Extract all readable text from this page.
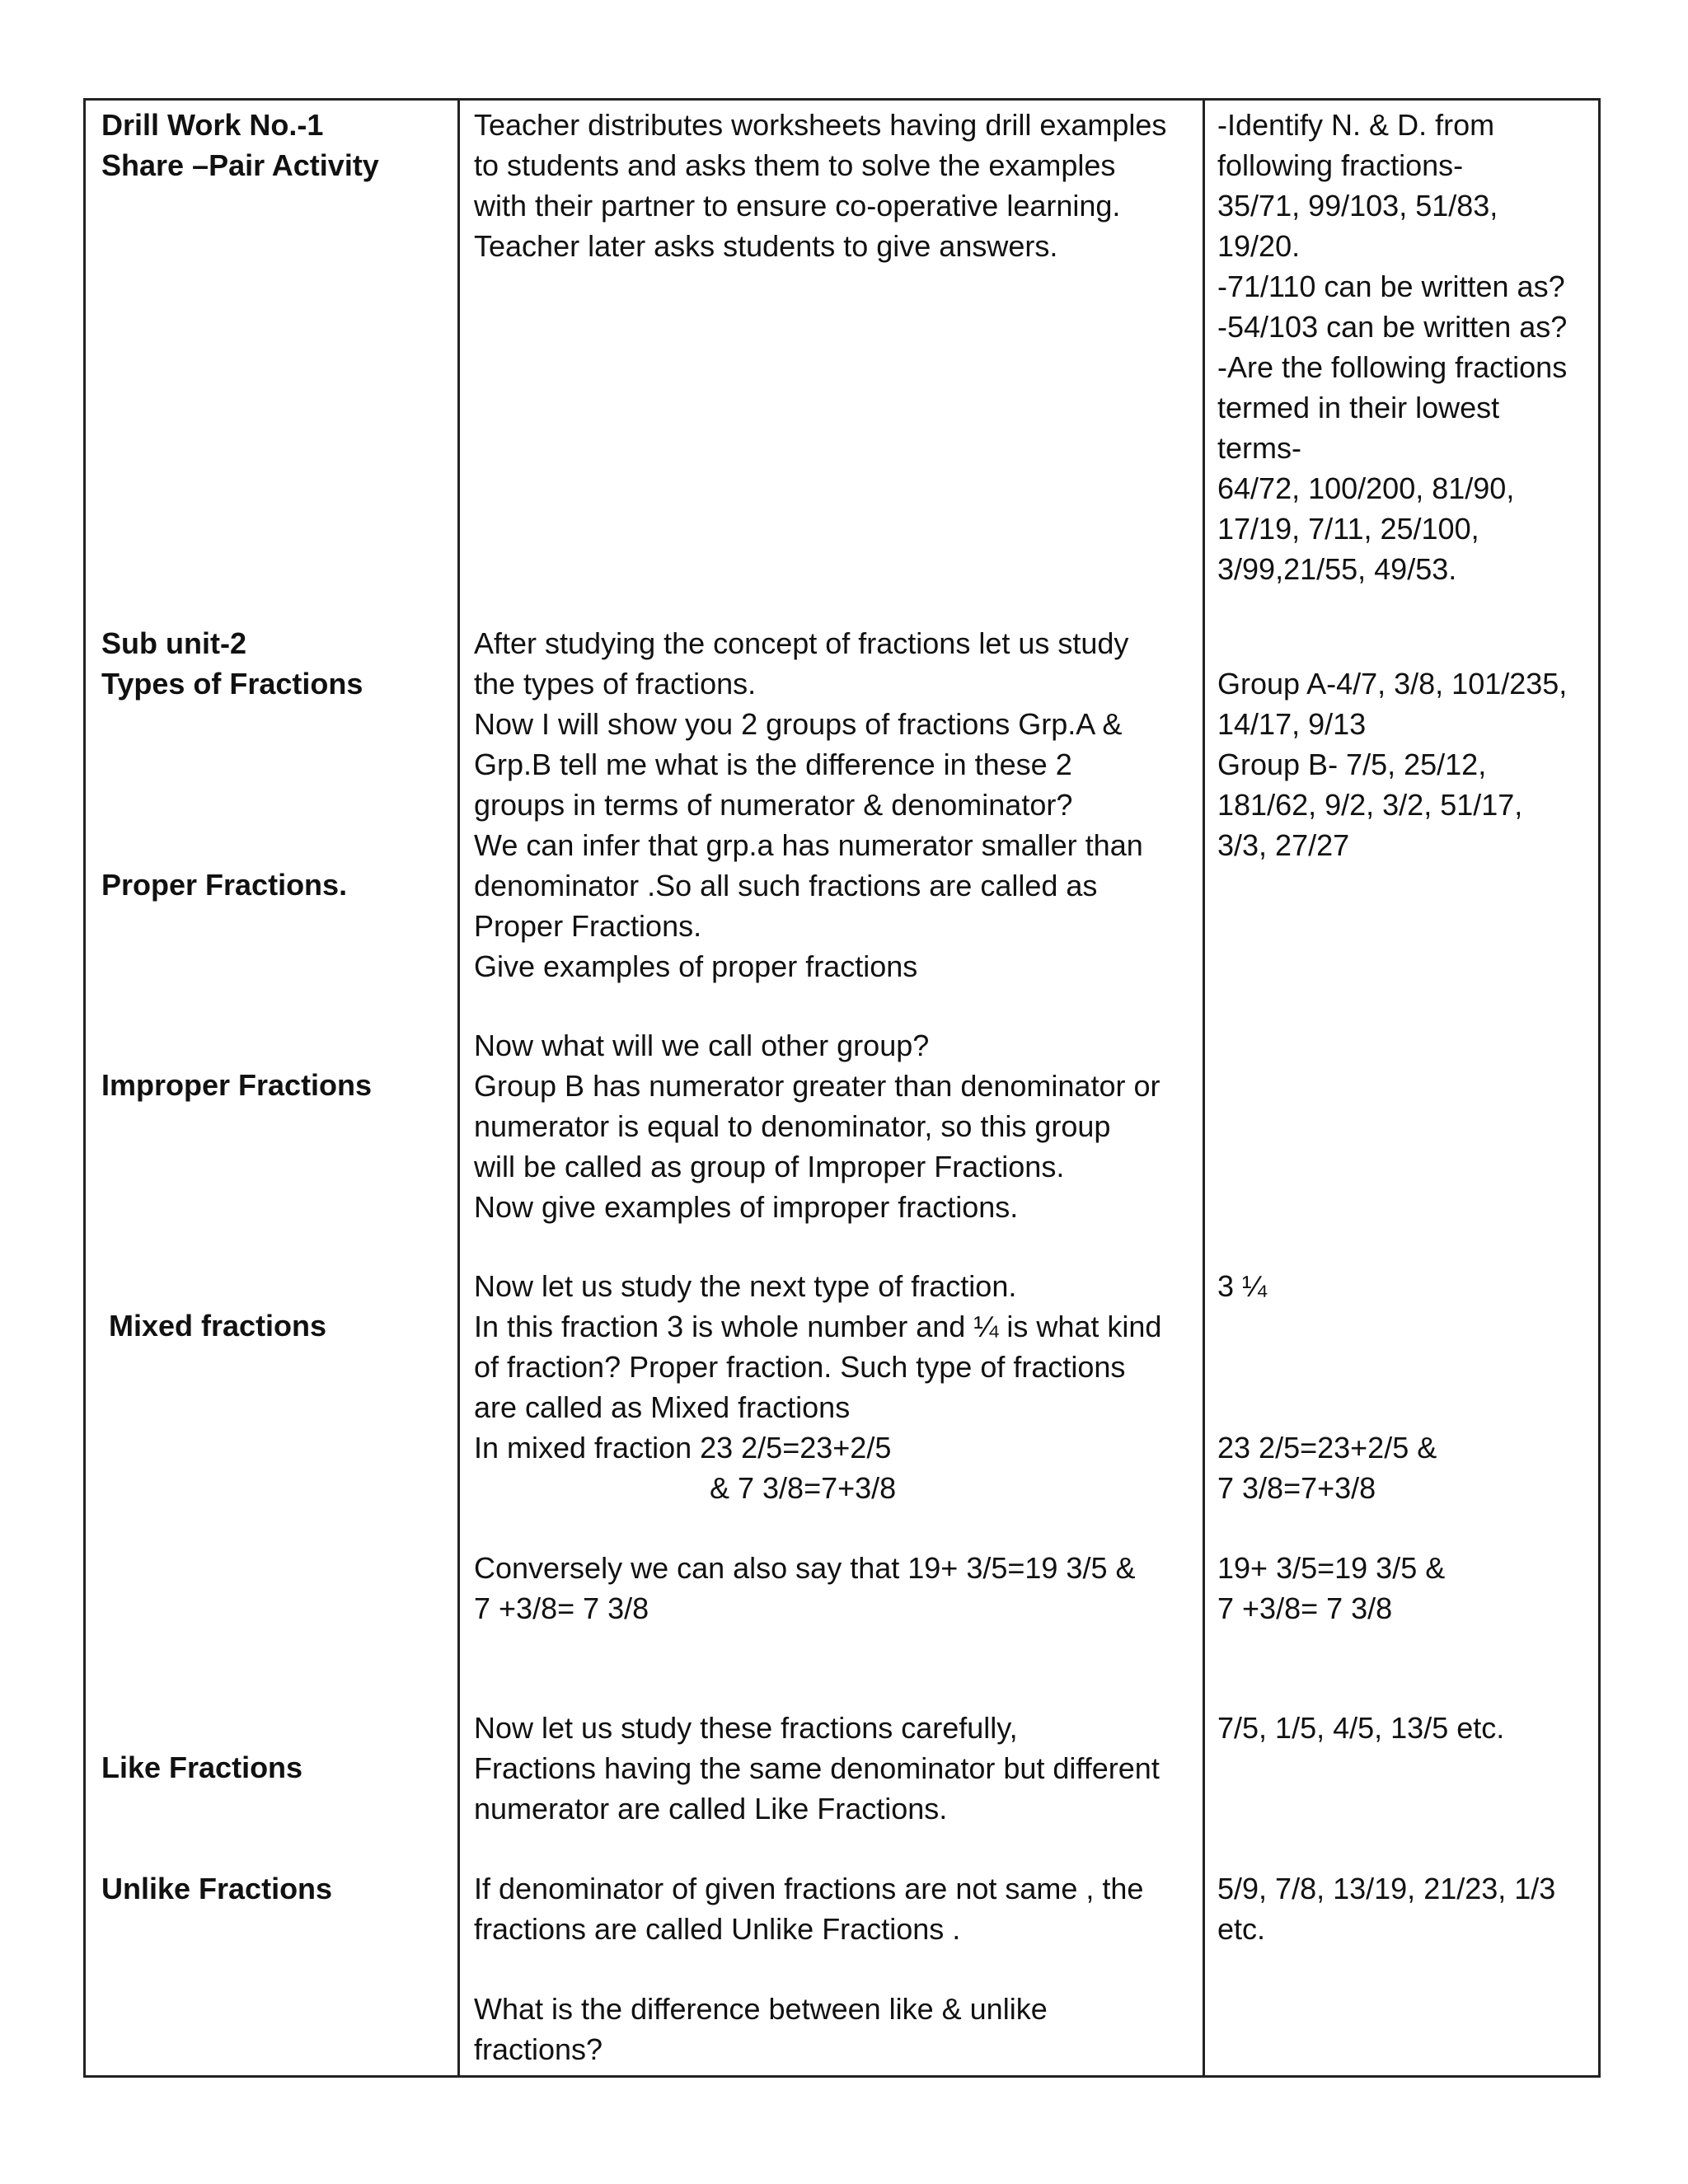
Drill Work No.-1

Share –Pair Activity

Sub unit-2

Types of Fractions

Proper Fractions.

Improper Fractions

Mixed fractions

Like Fractions

Unlike Fractions

Teacher distributes worksheets having drill examples

to students and asks them to solve the examples

with their partner to ensure co-operative learning.

Teacher later asks students to give answers.

After studying the concept of fractions let us study

the types of fractions.

Now I will show you 2 groups of fractions Grp.A &

Grp.B tell me what is the difference in these 2

groups in terms of numerator & denominator?

We can infer that grp.a has numerator smaller than

denominator .So all such fractions are called as

Proper Fractions.

Give examples of proper fractions

Now what will we call other group?

Group B has numerator greater than denominator or

numerator is equal to denominator, so this group

will be called as group of Improper Fractions.

Now give examples of improper fractions.

Now let us study the next type of fraction.

In this fraction 3 is whole number and ¼ is what kind

of fraction? Proper fraction. Such type of fractions

are called as Mixed fractions

In mixed fraction 23 2/5=23+2/5

& 7 3/8=7+3/8

Conversely we can also say that 19+ 3/5=19 3/5 &

7 +3/8= 7 3/8

Now let us study these fractions carefully,

Fractions having the same denominator but different

numerator are called Like Fractions.

If denominator of given fractions are not same , the

fractions are called Unlike Fractions .

What is the difference between like & unlike

fractions?

-Identify N. & D. from

following fractions-

35/71, 99/103, 51/83,

19/20.

-71/110 can be written as?

-54/103 can be written as?

-Are the following fractions

termed in their lowest

terms-

64/72, 100/200, 81/90,

17/19, 7/11, 25/100,

3/99,21/55, 49/53.

Group A-4/7, 3/8, 101/235,

14/17, 9/13

Group B- 7/5, 25/12,

181/62, 9/2, 3/2, 51/17,

3/3, 27/27

3 ¼

23 2/5=23+2/5 &

7 3/8=7+3/8

19+ 3/5=19 3/5 &

7 +3/8= 7 3/8

7/5, 1/5, 4/5, 13/5 etc.

5/9, 7/8, 13/19, 21/23, 1/3

etc.
